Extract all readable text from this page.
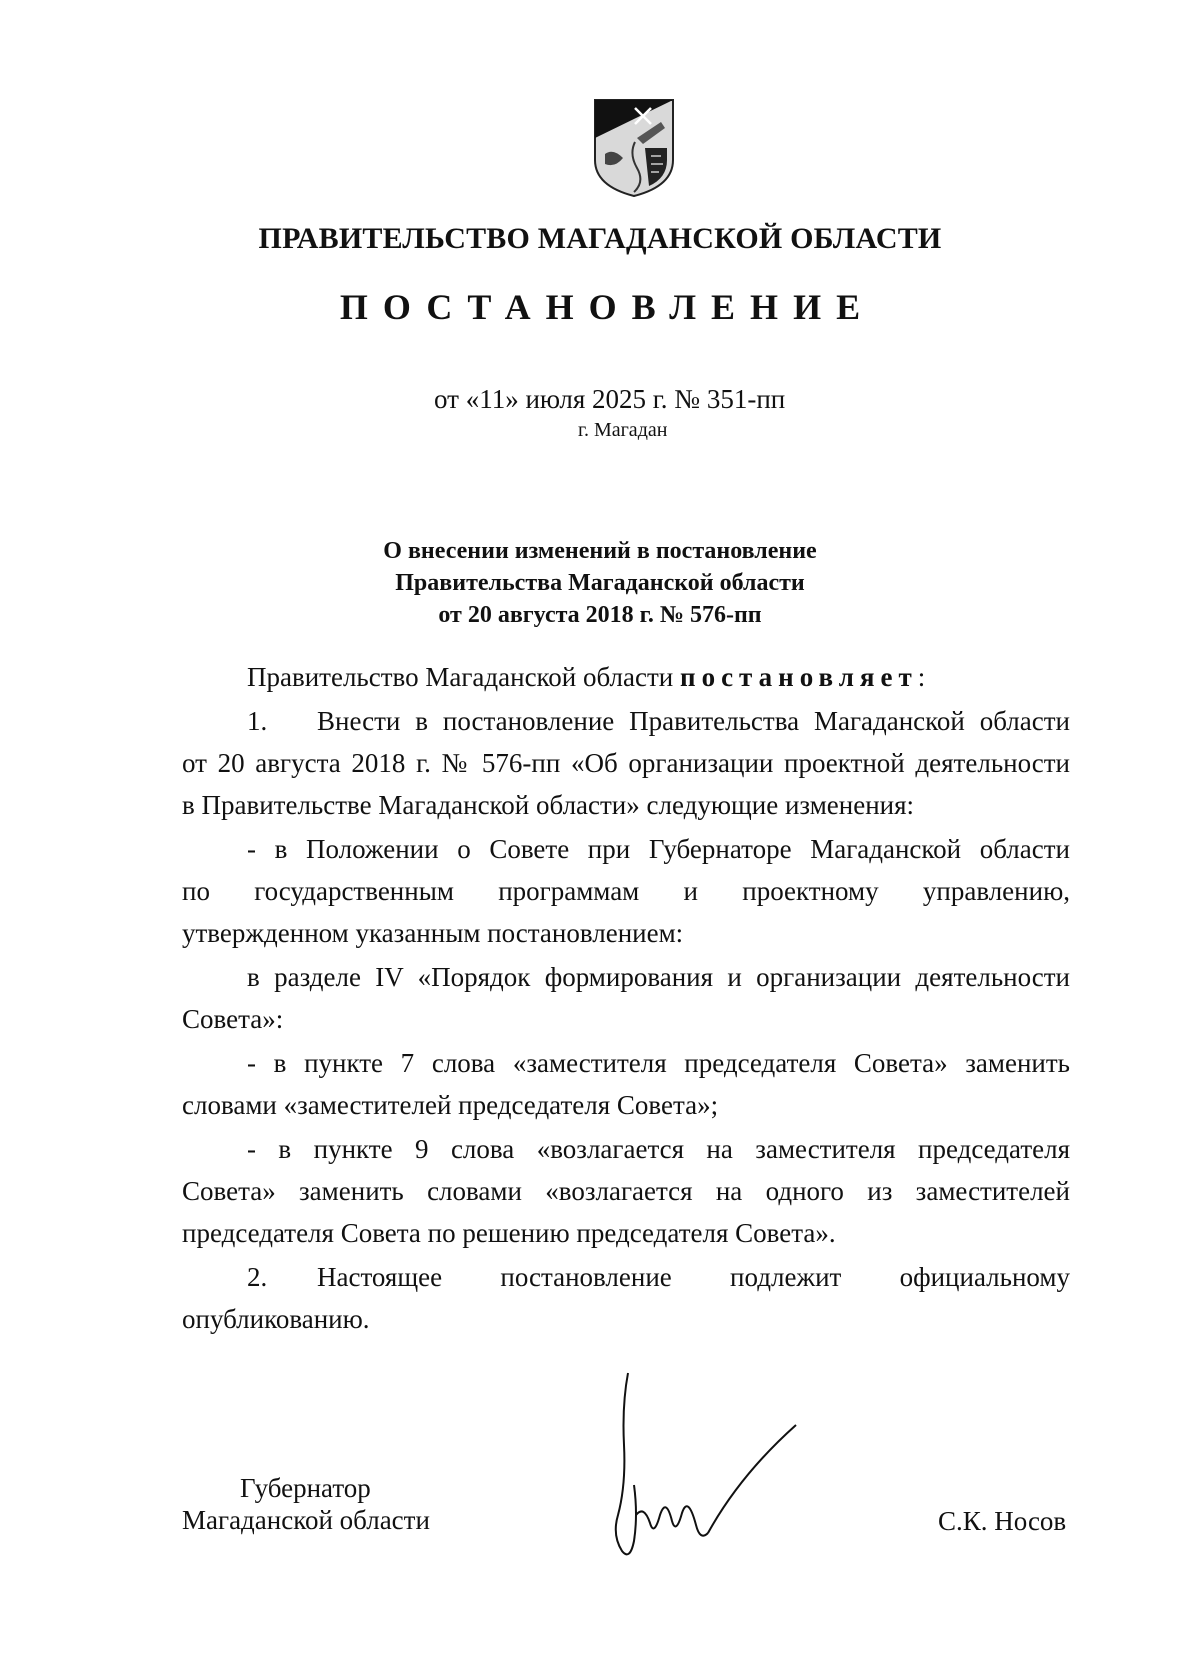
ПРАВИТЕЛЬСТВО МАГАДАНСКОЙ ОБЛАСТИ
ПОСТАНОВЛЕНИЕ
от «11» июля 2025 г. № 351-пп
г. Магадан
О внесении изменений в постановление
Правительства Магаданской области
от 20 августа 2018 г. № 576-пп
Правительство Магаданской области постановляет:
1. Внести в постановление Правительства Магаданской области
от 20 августа 2018 г. № 576-пп «Об организации проектной деятельности
в Правительстве Магаданской области» следующие изменения:
- в Положении о Совете при Губернаторе Магаданской области
по государственным программам и проектному управлению,
утвержденном указанным постановлением:
в разделе IV «Порядок формирования и организации деятельности
Совета»:
- в пункте 7 слова «заместителя председателя Совета» заменить
словами «заместителей председателя Совета»;
- в пункте 9 слова «возлагается на заместителя председателя
Совета» заменить словами «возлагается на одного из заместителей
председателя Совета по решению председателя Совета».
2. Настоящее постановление подлежит официальному
опубликованию.
Губернатор
Магаданской области	С.К. Носов
